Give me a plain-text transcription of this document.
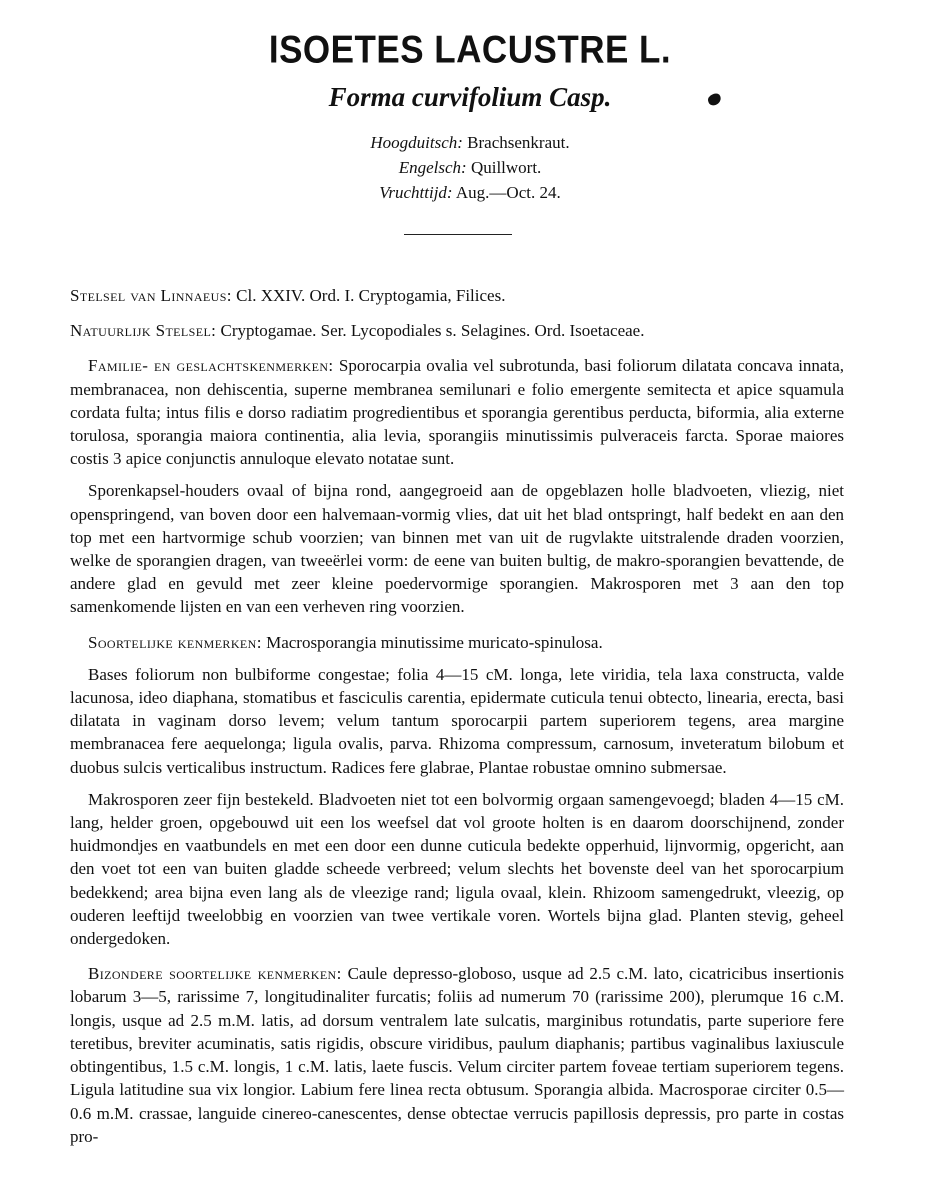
ISOETES LACUSTRE L.
Forma curvifolium Casp.
Hoogduitsch: Brachsenkraut.
Engelsch: Quillwort.
Vruchttijd: Aug.—Oct. 24.

Stelsel van Linnaeus: Cl. XXIV. Ord. I. Cryptogamia, Filices.

Natuurlijk Stelsel: Cryptogamae. Ser. Lycopodiales s. Selagines. Ord. Isoetaceae.

Familie- en geslachtskenmerken: Sporocarpia ovalia vel subrotunda, basi foliorum dilatata concava innata, membranacea, non dehiscentia, superne membranea semilunari e folio emergente semitecta et apice squamula cordata fulta; intus filis e dorso radiatim progredientibus et sporangia gerentibus perducta, biformia, alia externe torulosa, sporangia maiora continentia, alia levia, sporangiis minutissimis pulveraceis farcta. Sporae maiores costis 3 apice conjunctis annuloque elevato notatae sunt.

Sporenkapsel-houders ovaal of bijna rond, aangegroeid aan de opgeblazen holle bladvoeten, vliezig, niet openspringend, van boven door een halvemaan-vormig vlies, dat uit het blad ontspringt, half bedekt en aan den top met een hartvormige schub voorzien; van binnen met van uit de rugvlakte uitstralende draden voorzien, welke de sporangien dragen, van tweeërlei vorm: de eene van buiten bultig, de makro-sporangien bevattende, de andere glad en gevuld met zeer kleine poedervormige sporangien. Makrosporen met 3 aan den top samenkomende lijsten en van een verheven ring voorzien.

Soortelijke kenmerken: Macrosporangia minutissime muricato-spinulosa.

Bases foliorum non bulbiforme congestae; folia 4—15 cM. longa, lete viridia, tela laxa constructa, valde lacunosa, ideo diaphana, stomatibus et fasciculis carentia, epidermate cuticula tenui obtecto, linearia, erecta, basi dilatata in vaginam dorso levem; velum tantum sporocarpii partem superiorem tegens, area margine membranacea fere aequelonga; ligula ovalis, parva. Rhizoma compressum, carnosum, inveteratum bilobum et duobus sulcis verticalibus instructum. Radices fere glabrae, Plantae robustae omnino submersae.

Makrosporen zeer fijn bestekeld. Bladvoeten niet tot een bolvormig orgaan samengevoegd; bladen 4—15 cM. lang, helder groen, opgebouwd uit een los weefsel dat vol groote holten is en daarom doorschijnend, zonder huidmondjes en vaatbundels en met een door een dunne cuticula bedekte opperhuid, lijnvormig, opgericht, aan den voet tot een van buiten gladde scheede verbreed; velum slechts het bovenste deel van het sporocarpium bedekkend; area bijna even lang als de vleezige rand; ligula ovaal, klein. Rhizoom samengedrukt, vleezig, op ouderen leeftijd tweelobbig en voorzien van twee vertikale voren. Wortels bijna glad. Planten stevig, geheel ondergedoken.

Bizondere soortelijke kenmerken: Caule depresso-globoso, usque ad 2.5 c.M. lato, cicatricibus insertionis lobarum 3—5, rarissime 7, longitudinaliter furcatis; foliis ad numerum 70 (rarissime 200), plerumque 16 c.M. longis, usque ad 2.5 m.M. latis, ad dorsum ventralem late sulcatis, marginibus rotundatis, parte superiore fere teretibus, breviter acuminatis, satis rigidis, obscure viridibus, paulum diaphanis; partibus vaginalibus laxiuscule obtingentibus, 1.5 c.M. longis, 1 c.M. latis, laete fuscis. Velum circiter partem foveae tertiam superiorem tegens. Ligula latitudine sua vix longior. Labium fere linea recta obtusum. Sporangia albida. Macrosporae circiter 0.5—0.6 m.M. crassae, languide cinereo-canescentes, dense obtectae verrucis papillosis depressis, pro parte in costas pro-
